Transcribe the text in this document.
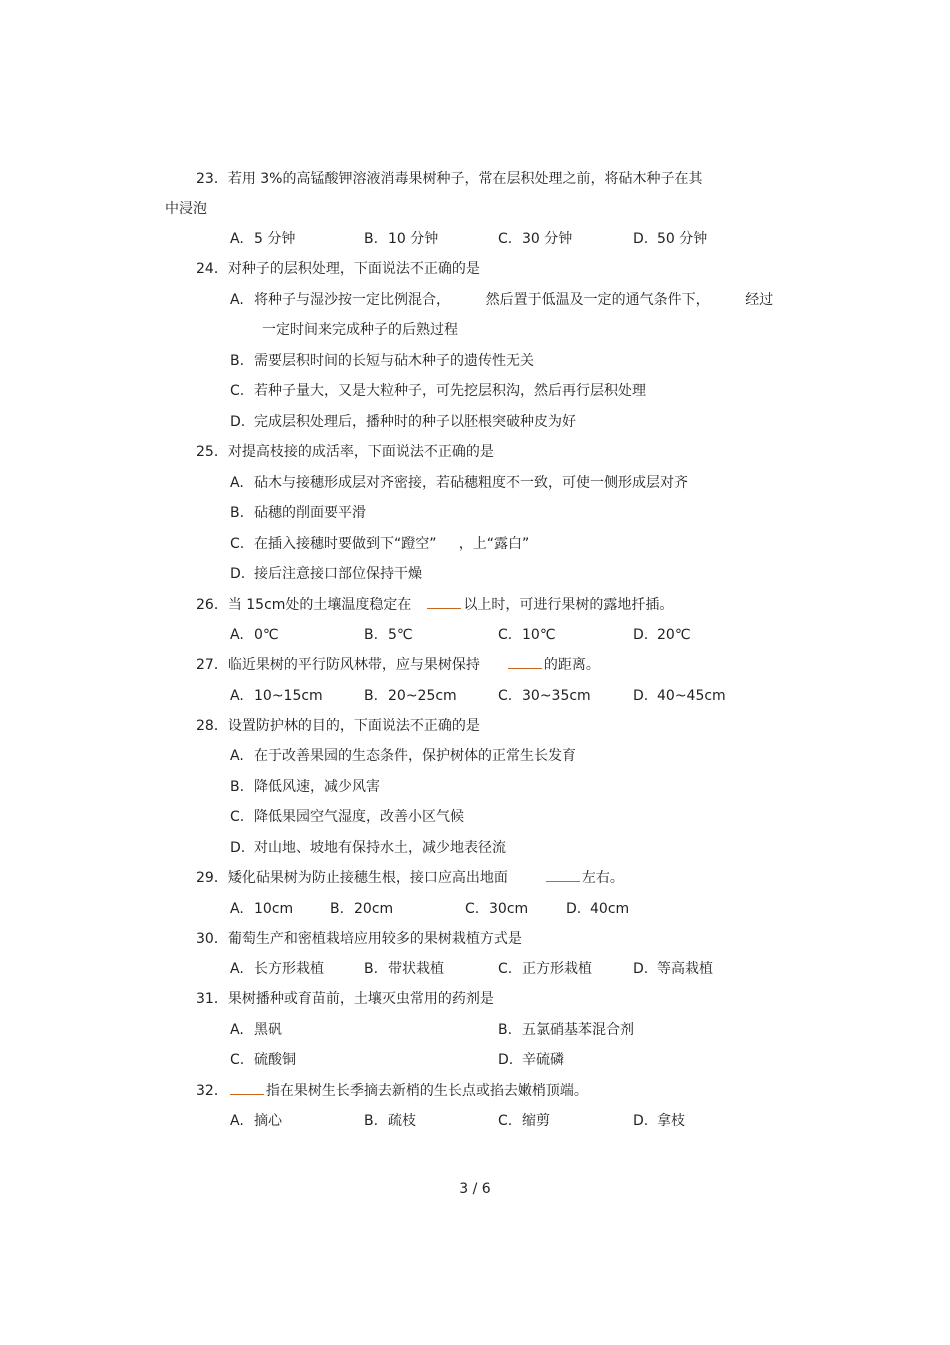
23．若用 3%的高锰酸钾溶液消毒果树种子，常在层积处理之前，将砧木种子在其
中浸泡
A. 5 分钟	B. 10 分钟	C. 30 分钟	D. 50 分钟
24．对种子的层积处理，下面说法不正确的是
A. 将种子与湿沙按一定比例混合，        然后置于低温及一定的通气条件下，        经过
一定时间来完成种子的后熟过程
B. 需要层积时间的长短与砧木种子的遗传性无关
C. 若种子量大，又是大粒种子，可先挖层积沟，然后再行层积处理
D. 完成层积处理后，播种时的种子以胚根突破种皮为好
25．对提高枝接的成活率，下面说法不正确的是
A. 砧木与接穗形成层对齐密接，若砧穗粗度不一致，可使一侧形成层对齐
B. 砧穗的削面要平滑
C. 在插入接穗时要做到下“蹬空”     ，上“露白”
D. 接后注意接口部位保持干燥
26．当 15cm处的土壤温度稳定在	以上时，可进行果树的露地扦插。
A. 0℃	B. 5℃	C. 10℃	D. 20℃
27．临近果树的平行防风林带，应与果树保持	的距离。
A. 10~15cm	B. 20~25cm	C. 30~35cm	D. 40~45cm
28．设置防护林的目的，下面说法不正确的是
A. 在于改善果园的生态条件，保护树体的正常生长发育
B. 降低风速，减少风害
C. 降低果园空气湿度，改善小区气候
D. 对山地、坡地有保持水土，减少地表径流
29．矮化砧果树为防止接穗生根，接口应高出地面	左右。
A. 10cm	B. 20cm	C. 30cm	D. 40cm
30．葡萄生产和密植栽培应用较多的果树栽植方式是
A. 长方形栽植	B. 带状栽植	C. 正方形栽植	D. 等高栽植
31．果树播种或育苗前，土壤灭虫常用的药剂是
A. 黑矾	B. 五氯硝基苯混合剂
C. 硫酸铜	D. 辛硫磷
32．	指在果树生长季摘去新梢的生长点或掐去嫩梢顶端。
A. 摘心	B. 疏枝	C. 缩剪	D. 拿枝
3 / 6
